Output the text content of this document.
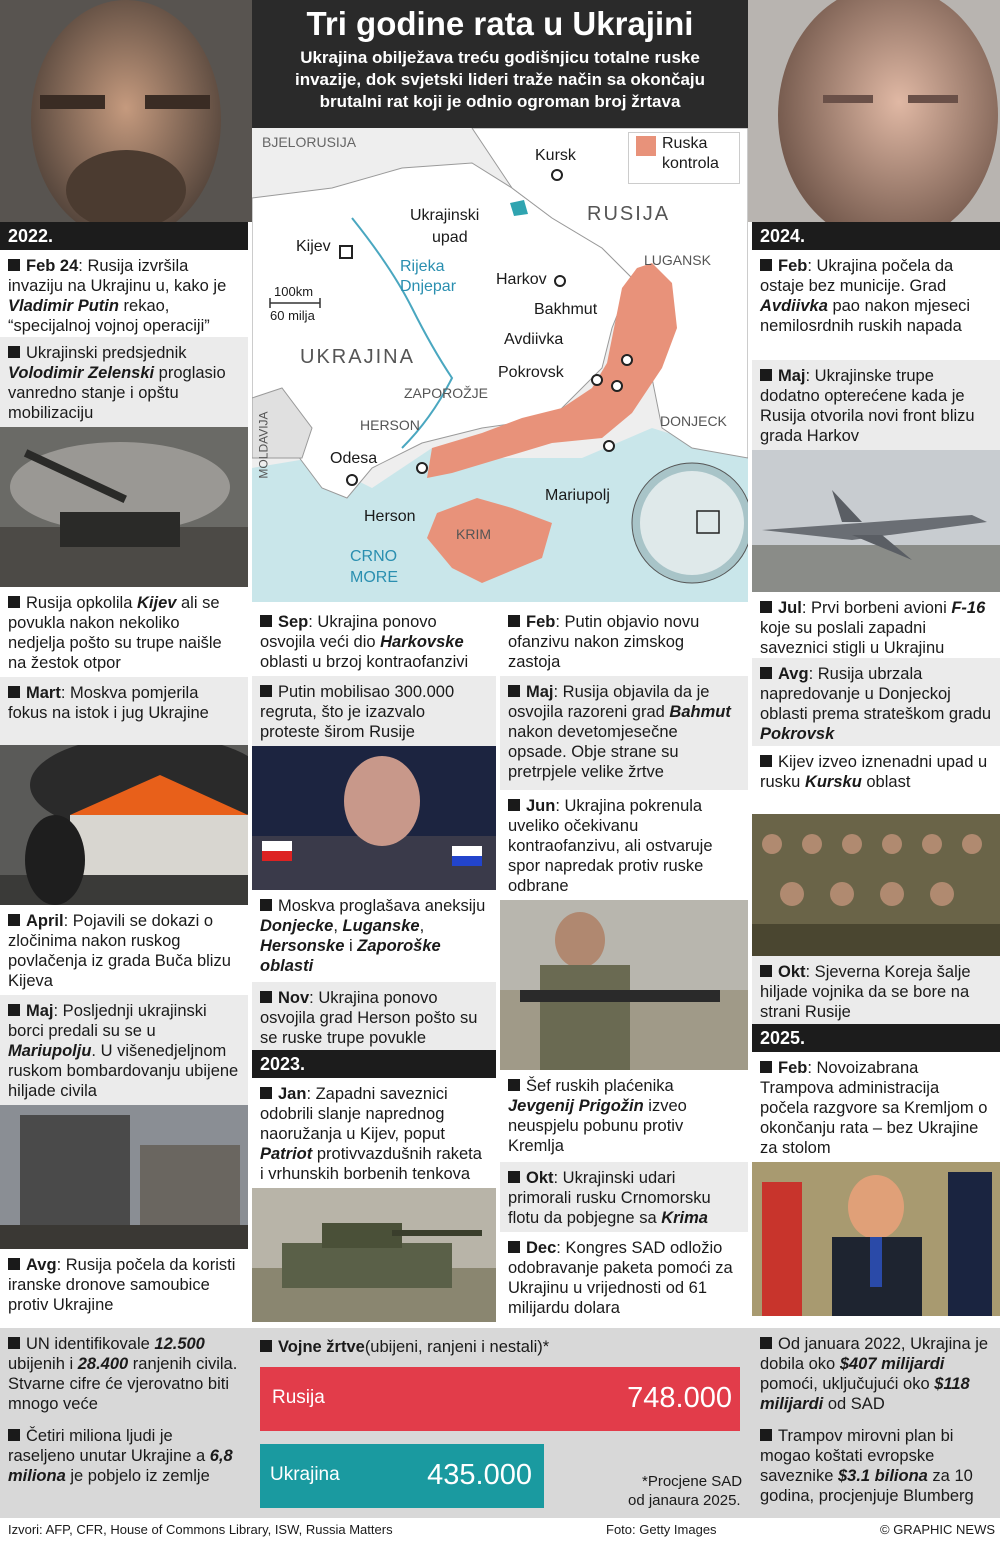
Tri godine rata u Ukrajini
Ukrajina obilježava treću godišnjicu totalne ruske invazije, dok svjetski lideri traže način sa okončaju brutalni rat koji je odnio ogroman broj žrtava
Ruska kontrola
BJELORUSIJA
RUSIJA
Kursk
Ukrajinski
upad
Kijev
Rijeka
Dnjepar Harkov
LUGANSK
100km
60 milja	Bakhmut
UKRAJINA
Avdiivka
Pokrovsk
ZAPOROŽJE
HERSON	DONJECK
MOLDAVIJA	Odesa
Mariupolj
Herson
KRIM
CRNO
MORE
2022.
Feb 24: Rusija izvršila invaziju na Ukrajinu u, kako je Vladimir Putin rekao, “specijalnoj vojnoj operaciji”
Ukrajinski predsjednik Volodimir Zelenski proglasio vanredno stanje i opštu mobilizaciju
Rusija opkolila Kijev ali se povukla nakon nekoliko nedjelja pošto su trupe naišle na žestok otpor
Mart: Moskva pomjerila fokus na istok i jug Ukrajine
April: Pojavili se dokazi o zločinima nakon ruskog povlačenja iz grada Buča blizu Kijeva
Maj: Posljednji ukrajinski borci predali su se u Mariupolju. U višenedjeljnom ruskom bombardovanju ubijene hiljade civila
Avg: Rusija počela da koristi iranske dronove samoubice protiv Ukrajine
Sep: Ukrajina ponovo osvojila veći dio Harkovske oblasti u brzoj kontraofanzivi
Putin mobilisao 300.000 regruta, što je izazvalo proteste širom Rusije
Moskva proglašava aneksiju Donjecke, Luganske, Hersonske i Zaporoške oblasti
Nov: Ukrajina ponovo osvojila grad Herson pošto su se ruske trupe povukle
2023.
Jan: Zapadni saveznici odobrili slanje naprednog naoružanja u Kijev, poput Patriot protivvazdušnih raketa i vrhunskih borbenih tenkova
Feb: Putin objavio novu ofanzivu nakon zimskog zastoja
Maj: Rusija objavila da je osvojila razoreni grad Bahmut nakon devetomjesečne opsade. Obje strane su pretrpjele velike žrtve
Jun: Ukrajina pokrenula uveliko očekivanu kontraofanzivu, ali ostvaruje spor napredak protiv ruske odbrane
Šef ruskih plaćenika Jevgenij Prigožin izveo neuspjelu pobunu protiv Kremlja
Okt: Ukrajinski udari primorali rusku Crnomorsku flotu da pobjegne sa Krima
Dec: Kongres SAD odložio odobravanje paketa pomoći za Ukrajinu u vrijednosti od 61 milijardu dolara
2024.
Feb: Ukrajina počela da ostaje bez municije. Grad Avdiivka pao nakon mjeseci nemilosrdnih ruskih napada
Maj: Ukrajinske trupe dodatno opterećene kada je Rusija otvorila novi front blizu grada Harkov
Jul: Prvi borbeni avioni F-16 koje su poslali zapadni saveznici stigli u Ukrajinu
Avg: Rusija ubrzala napredovanje u Donjeckoj oblasti prema strateškom gradu Pokrovsk
Kijev izveo iznenadni upad u rusku Kursku oblast
Okt: Sjeverna Koreja šalje hiljade vojnika da se bore na strani Rusije
2025.
Feb: Novoizabrana Trampova administracija počela razgvore sa Kremljom o okončanju rata – bez Ukrajine za stolom
UN identifikovale 12.500 ubijenih i 28.400 ranjenih civila. Stvarne cifre će vjerovatno biti mnogo veće
Četiri miliona ljudi je raseljeno unutar Ukrajine a 6,8 miliona je pobjelo iz zemlje
Vojne žrtve(ubijeni, ranjeni i nestali)*
Rusija	748.000
Ukrajina	435.000	*Procjene SAD
od janaura 2025.
Od januara 2022, Ukrajina je dobila oko $407 milijardi pomoći, uključujući oko $118 milijardi od SAD
Trampov mirovni plan bi mogao koštati evropske saveznike $3.1 biliona za 10 godina, procjenjuje Blumberg
Izvori: AFP, CFR, House of Commons Library, ISW, Russia Matters	Foto: Getty Images	© GRAPHIC NEWS
